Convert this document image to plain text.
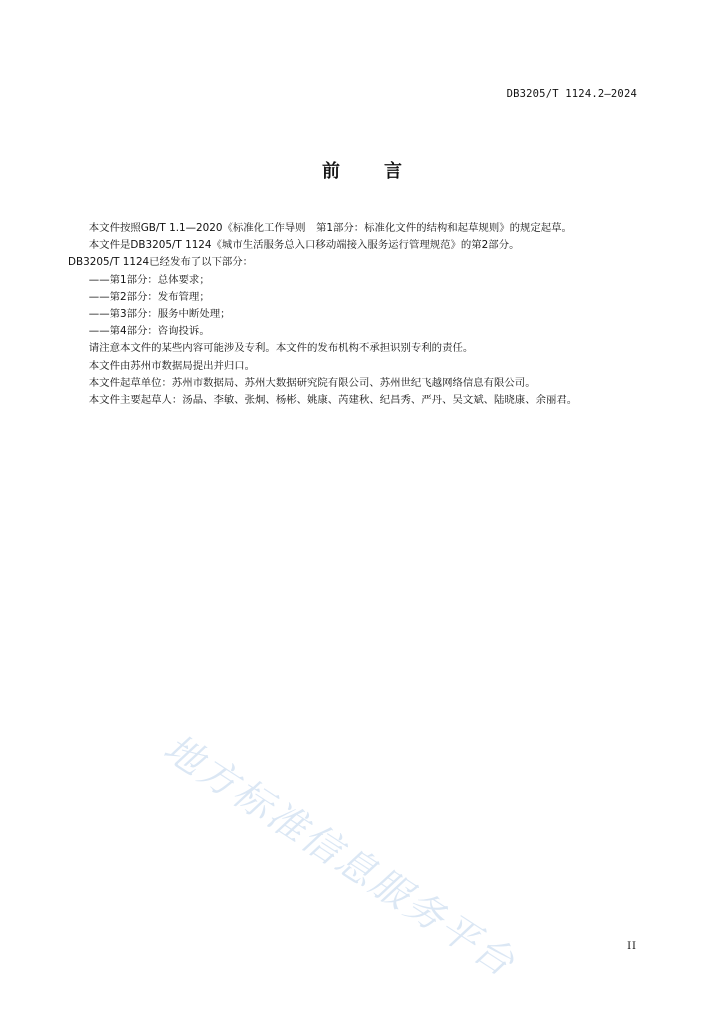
DB3205/T 1124.2—2024
前言

本文件按照GB/T 1.1—2020《标准化工作导则　第1部分：标准化文件的结构和起草规则》的规定起草。

本文件是DB3205/T 1124《城市生活服务总入口移动端接入服务运行管理规范》的第2部分。

DB3205/T 1124已经发布了以下部分：

——第1部分：总体要求；

——第2部分：发布管理；

——第3部分：服务中断处理；

——第4部分：咨询投诉。

请注意本文件的某些内容可能涉及专利。本文件的发布机构不承担识别专利的责任。

本文件由苏州市数据局提出并归口。

本文件起草单位：苏州市数据局、苏州大数据研究院有限公司、苏州世纪飞越网络信息有限公司。

本文件主要起草人：汤晶、李敏、张炯、杨彬、姚康、芮建秋、纪昌秀、严丹、吴文斌、陆晓康、余丽君。

地方标准信息服务平台	II
